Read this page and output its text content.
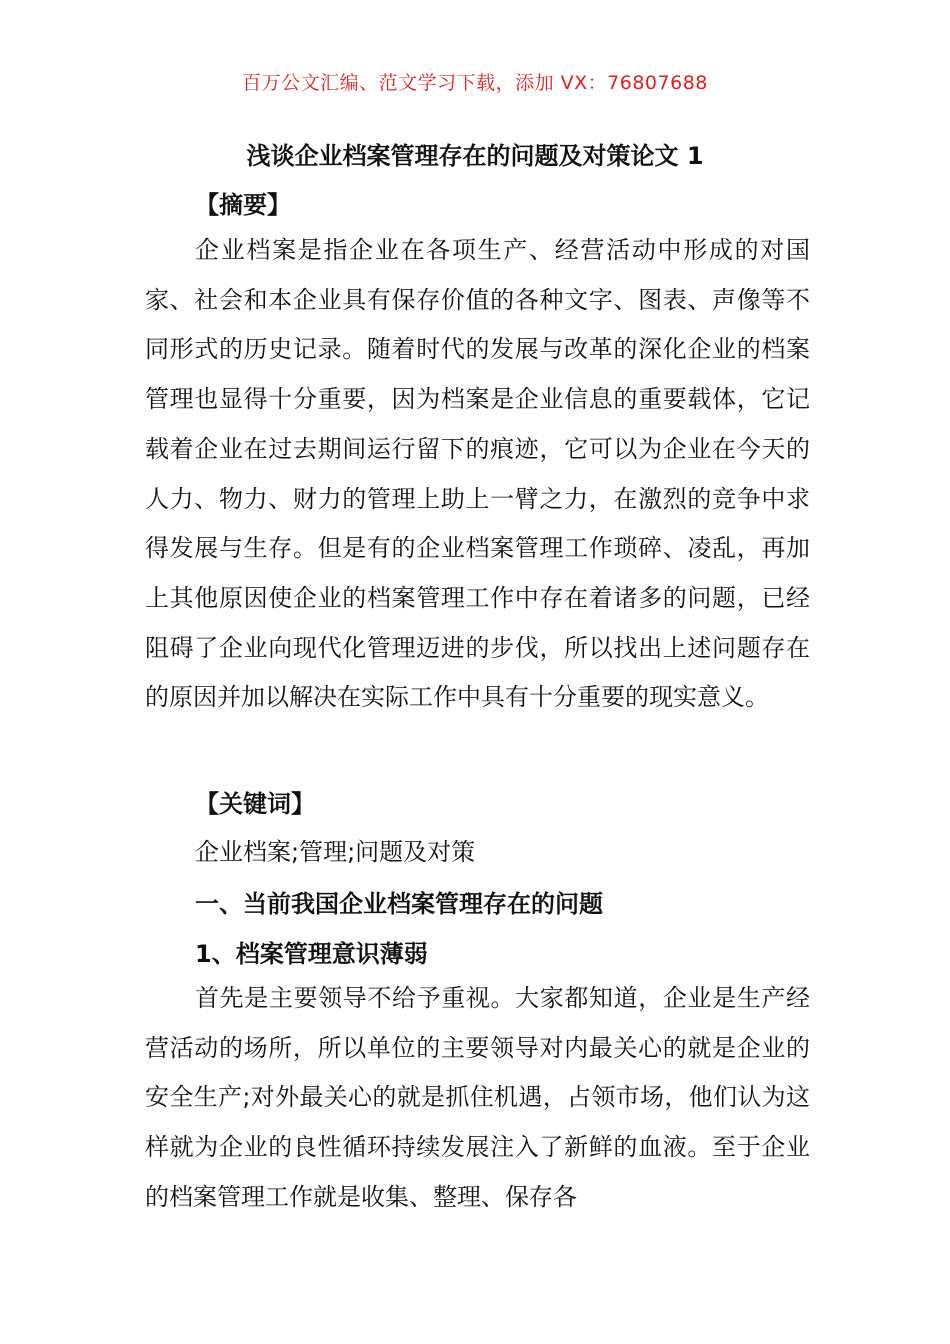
百万公文汇编、范文学习下载，添加 VX：76807688
浅谈企业档案管理存在的问题及对策论文 1
【摘要】

企业档案是指企业在各项生产、经营活动中形成的对国家、社会和本企业具有保存价值的各种文字、图表、声像等不同形式的历史记录。随着时代的发展与改革的深化企业的档案管理也显得十分重要，因为档案是企业信息的重要载体，它记载着企业在过去期间运行留下的痕迹，它可以为企业在今天的人力、物力、财力的管理上助上一臂之力，在激烈的竞争中求得发展与生存。但是有的企业档案管理工作琐碎、凌乱，再加上其他原因使企业的档案管理工作中存在着诸多的问题，已经阻碍了企业向现代化管理迈进的步伐，所以找出上述问题存在的原因并加以解决在实际工作中具有十分重要的现实意义。

【关键词】
企业档案;管理;问题及对策
一、当前我国企业档案管理存在的问题
1、档案管理意识薄弱

首先是主要领导不给予重视。大家都知道，企业是生产经营活动的场所，所以单位的主要领导对内最关心的就是企业的安全生产;对外最关心的就是抓住机遇，占领市场，他们认为这样就为企业的良性循环持续发展注入了新鲜的血液。至于企业的档案管理工作就是收集、整理、保存各
